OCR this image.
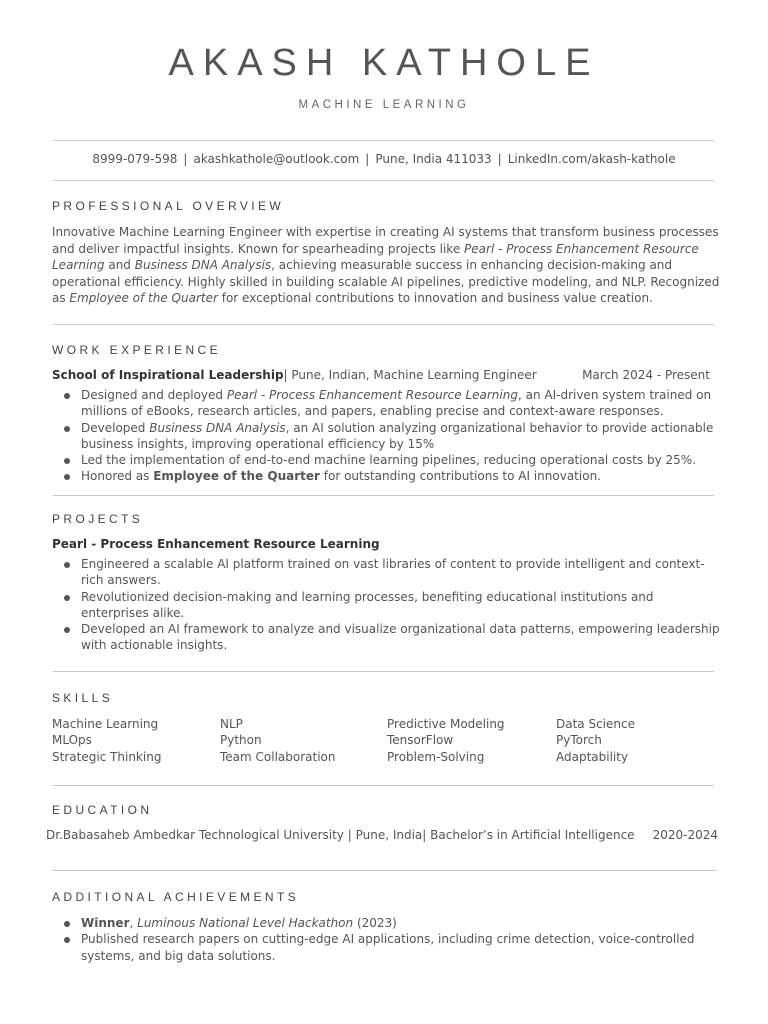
AKASH KATHOLE
MACHINE LEARNING
8999-079-598 | akashkathole@outlook.com | Pune, India 411033 | LinkedIn.com/akash-kathole
PROFESSIONAL OVERVIEW
Innovative Machine Learning Engineer with expertise in creating AI systems that transform business processes and deliver impactful insights. Known for spearheading projects like Pearl - Process Enhancement Resource Learning and Business DNA Analysis, achieving measurable success in enhancing decision-making and operational efficiency. Highly skilled in building scalable AI pipelines, predictive modeling, and NLP. Recognized as Employee of the Quarter for exceptional contributions to innovation and business value creation.
WORK EXPERIENCE
School of Inspirational Leadership| Pune, Indian, Machine Learning Engineer	March 2024 - Present
Designed and deployed Pearl - Process Enhancement Resource Learning, an AI-driven system trained on millions of eBooks, research articles, and papers, enabling precise and context-aware responses.
Developed Business DNA Analysis, an AI solution analyzing organizational behavior to provide actionable business insights, improving operational efficiency by 15%
Led the implementation of end-to-end machine learning pipelines, reducing operational costs by 25%.
Honored as Employee of the Quarter for outstanding contributions to AI innovation.
PROJECTS
Pearl - Process Enhancement Resource Learning
Engineered a scalable AI platform trained on vast libraries of content to provide intelligent and context-rich answers.
Revolutionized decision-making and learning processes, benefiting educational institutions and enterprises alike.
Developed an AI framework to analyze and visualize organizational data patterns, empowering leadership with actionable insights.
SKILLS
Machine Learning	NLP	Predictive Modeling	Data Science
MLOps	Python	TensorFlow	PyTorch
Strategic Thinking	Team Collaboration	Problem-Solving	Adaptability
EDUCATION
Dr.Babasaheb Ambedkar Technological University | Pune, India| Bachelor’s in Artificial Intelligence 2020-2024
ADDITIONAL ACHIEVEMENTS
Winner, Luminous National Level Hackathon (2023)
Published research papers on cutting-edge AI applications, including crime detection, voice-controlled systems, and big data solutions.
